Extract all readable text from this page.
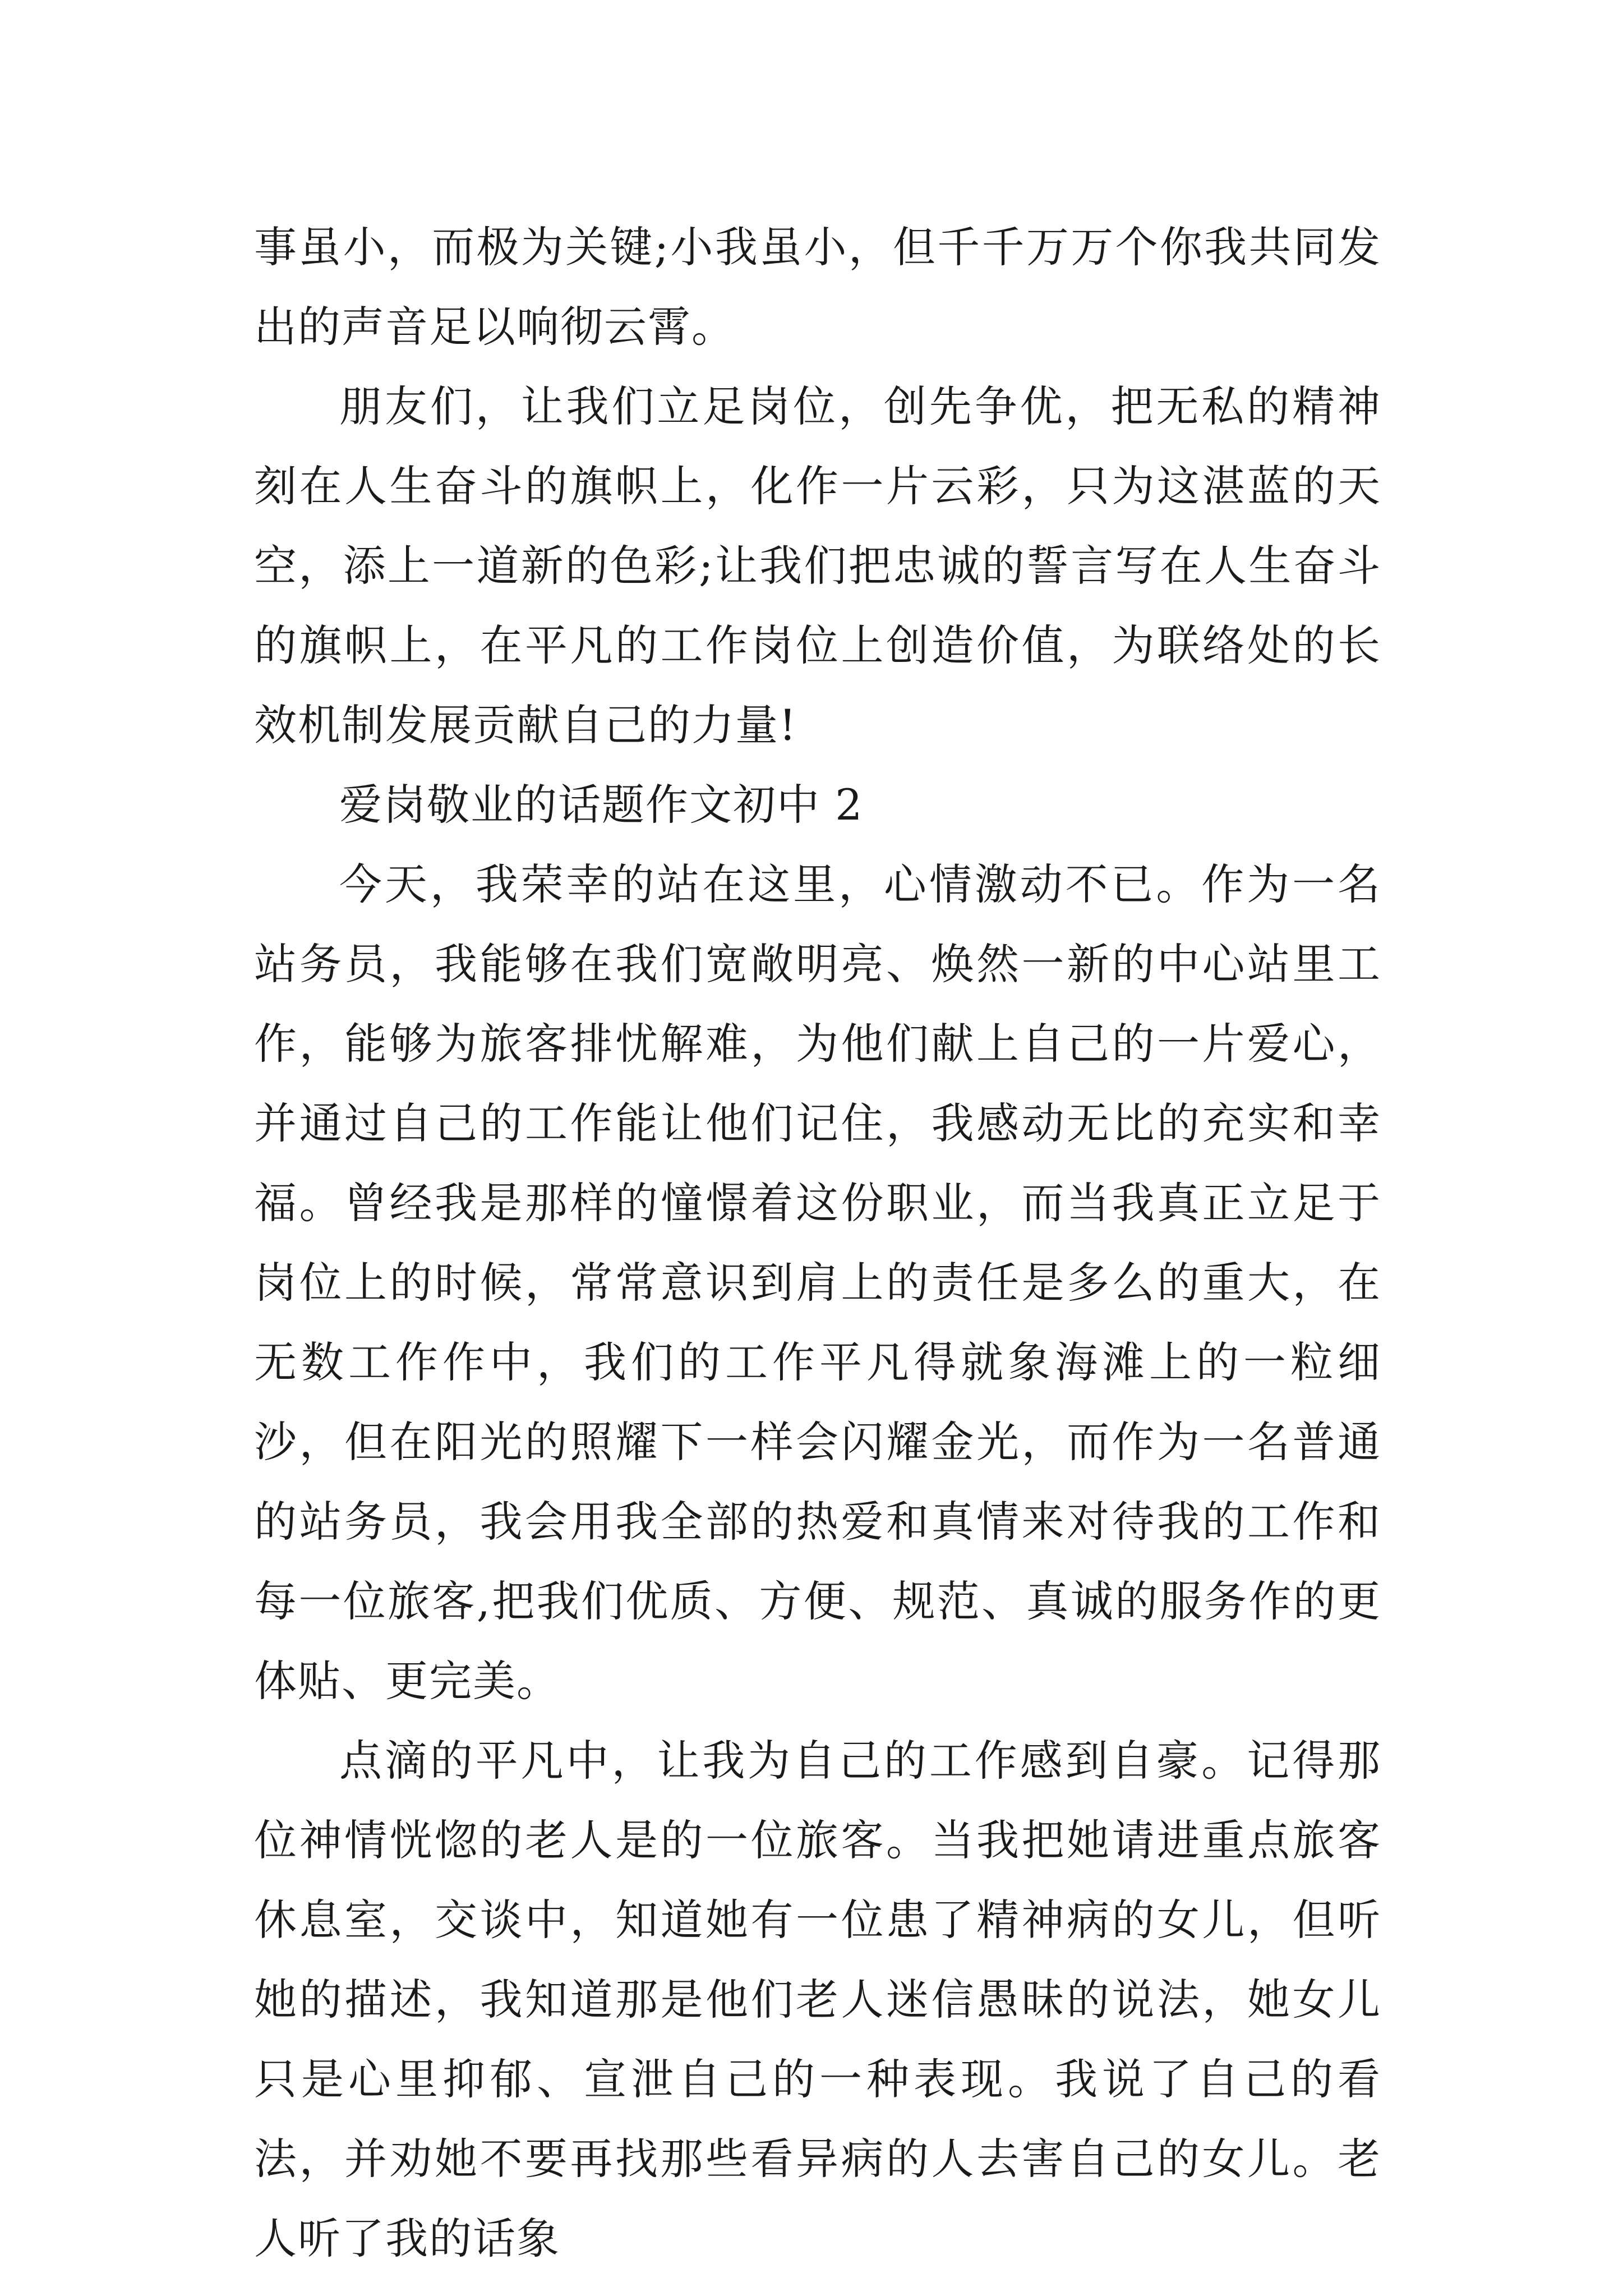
事虽小，而极为关键;小我虽小，但千千万万个你我共同发出的声音足以响彻云霄。

朋友们，让我们立足岗位，创先争优，把无私的精神刻在人生奋斗的旗帜上，化作一片云彩，只为这湛蓝的天空，添上一道新的色彩;让我们把忠诚的誓言写在人生奋斗的旗帜上，在平凡的工作岗位上创造价值，为联络处的长效机制发展贡献自己的力量!

爱岗敬业的话题作文初中 2

今天，我荣幸的站在这里，心情激动不已。作为一名站务员，我能够在我们宽敞明亮、焕然一新的中心站里工作，能够为旅客排忧解难，为他们献上自己的一片爱心，并通过自己的工作能让他们记住，我感动无比的充实和幸福。曾经我是那样的憧憬着这份职业，而当我真正立足于岗位上的时候，常常意识到肩上的责任是多么的重大，在无数工作作中，我们的工作平凡得就象海滩上的一粒细沙，但在阳光的照耀下一样会闪耀金光，而作为一名普通的站务员，我会用我全部的热爱和真情来对待我的工作和每一位旅客,把我们优质、方便、规范、真诚的服务作的更体贴、更完美。

点滴的平凡中，让我为自己的工作感到自豪。记得那位神情恍惚的老人是的一位旅客。当我把她请进重点旅客休息室，交谈中，知道她有一位患了精神病的女儿，但听她的描述，我知道那是他们老人迷信愚昧的说法，她女儿只是心里抑郁、宣泄自己的一种表现。我说了自己的看法，并劝她不要再找那些看异病的人去害自己的女儿。老人听了我的话象
